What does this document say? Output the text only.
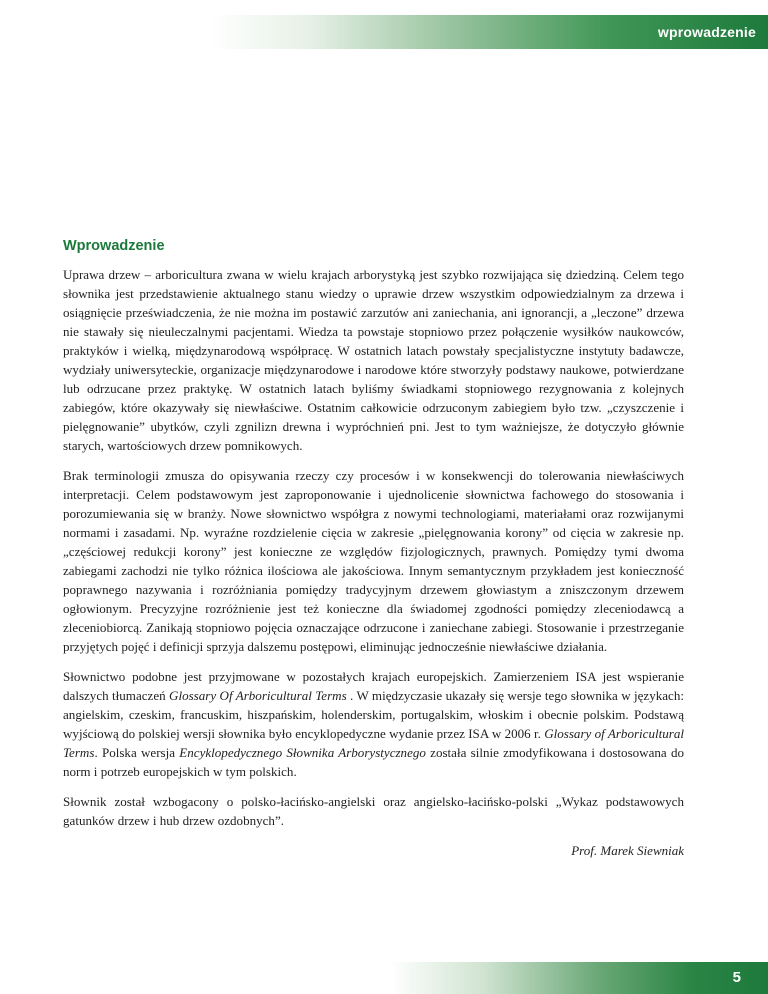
wprowadzenie
Wprowadzenie

Uprawa drzew – arboricultura zwana w wielu krajach arborystyką jest szybko rozwijająca się dziedziną. Celem tego słownika jest przedstawienie aktualnego stanu wiedzy o uprawie drzew wszystkim odpowiedzialnym za drzewa i osiągnięcie przeświadczenia, że nie można im postawić zarzutów ani zaniechania, ani ignorancji, a „leczone” drzewa nie stawały się nieuleczalnymi pacjentami. Wiedza ta powstaje stopniowo przez połączenie wysiłków naukowców, praktyków i wielką, międzynarodową współpracę. W ostatnich latach powstały specjalistyczne instytuty badawcze, wydziały uniwersyteckie, organizacje międzynarodowe i narodowe które stworzyły podstawy naukowe, potwierdzane lub odrzucane przez praktykę. W ostatnich latach byliśmy świadkami stopniowego rezygnowania z kolejnych zabiegów, które okazywały się niewłaściwe. Ostatnim całkowicie odrzuconym zabiegiem było tzw. „czyszczenie i pielęgnowanie” ubytków, czyli zgnilizn drewna i wypróchnień pni. Jest to tym ważniejsze, że dotyczyło głównie starych, wartościowych drzew pomnikowych.

Brak terminologii zmusza do opisywania rzeczy czy procesów i w konsekwencji do tolerowania niewłaściwych interpretacji. Celem podstawowym jest zaproponowanie i ujednolicenie słownictwa fachowego do stosowania i porozumiewania się w branży. Nowe słownictwo współgra z nowymi technologiami, materiałami oraz rozwijanymi normami i zasadami. Np. wyraźne rozdzielenie cięcia w zakresie „pielęgnowania korony” od cięcia w zakresie np. „częściowej redukcji korony” jest konieczne ze względów fizjologicznych, prawnych. Pomiędzy tymi dwoma zabiegami zachodzi nie tylko różnica ilościowa ale jakościowa. Innym semantycznym przykładem jest konieczność poprawnego nazywania i rozróżniania pomiędzy tradycyjnym drzewem głowiastym a zniszczonym drzewem ogłowionym. Precyzyjne rozróżnienie jest też konieczne dla świadomej zgodności pomiędzy zleceniodawcą a zleceniobiorcą. Zanikają stopniowo pojęcia oznaczające odrzucone i zaniechane zabiegi. Stosowanie i przestrzeganie przyjętych pojęć i definicji sprzyja dalszemu postępowi, eliminując jednocześnie niewłaściwe działania.

Słownictwo podobne jest przyjmowane w pozostałych krajach europejskich. Zamierzeniem ISA jest wspieranie dalszych tłumaczeń Glossary Of Arboricultural Terms . W międzyczasie ukazały się wersje tego słownika w językach: angielskim, czeskim, francuskim, hiszpańskim, holenderskim, portugalskim, włoskim i obecnie polskim. Podstawą wyjściową do polskiej wersji słownika było encyklopedyczne wydanie przez ISA w 2006 r. Glossary of Arboricultural Terms. Polska wersja Encyklopedycznego Słownika Arborystycznego została silnie zmodyfikowana i dostosowana do norm i potrzeb europejskich w tym polskich.

Słownik został wzbogacony o polsko-łacińsko-angielski oraz angielsko-łacińsko-polski „Wykaz podstawowych gatunków drzew i hub drzew ozdobnych”.

Prof. Marek Siewniak

5
